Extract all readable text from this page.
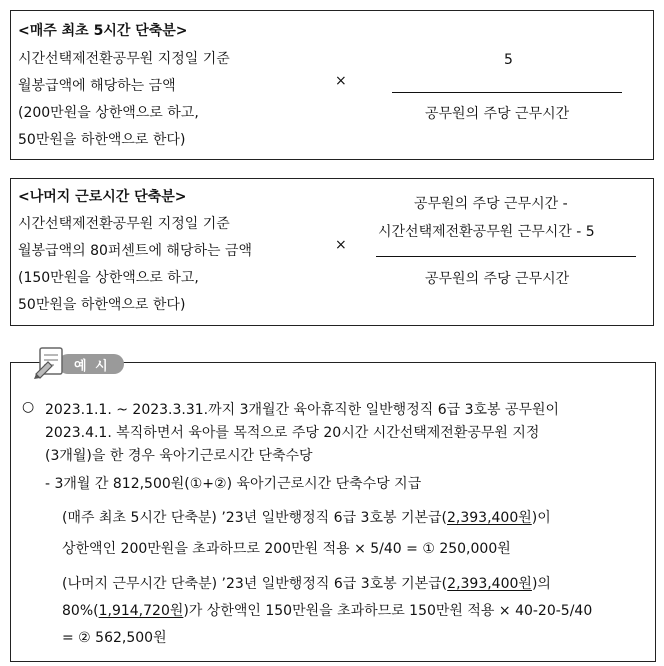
<매주 최초 5시간 단축분>
시간선택제전환공무원 지정일 기준
월봉급액에 해당하는 금액
(200만원을 상한액으로 하고,
50만원을 하한액으로 한다)
×
5
공무원의 주당 근무시간
<나머지 근로시간 단축분>
시간선택제전환공무원 지정일 기준
월봉급액의 80퍼센트에 해당하는 금액
(150만원을 상한액으로 하고,
50만원을 하한액으로 한다)
×
공무원의 주당 근무시간 -
시간선택제전환공무원 근무시간 - 5
공무원의 주당 근무시간
예 시
○ 2023.1.1. ~ 2023.3.31.까지 3개월간 육아휴직한 일반행정직 6급 3호봉 공무원이
2023.4.1. 복직하면서 육아를 목적으로 주당 20시간 시간선택제전환공무원 지정
(3개월)을 한 경우 육아기근로시간 단축수당
- 3개월 간 812,500원(①+②) 육아기근로시간 단축수당 지급
(매주 최초 5시간 단축분) ’23년 일반행정직 6급 3호봉 기본급(2,393,400원)이
상한액인 200만원을 초과하므로 200만원 적용 × 5/40 = ① 250,000원
(나머지 근무시간 단축분) ’23년 일반행정직 6급 3호봉 기본급(2,393,400원)의
80%(1,914,720원)가 상한액인 150만원을 초과하므로 150만원 적용 × 40-20-5/40
= ② 562,500원
